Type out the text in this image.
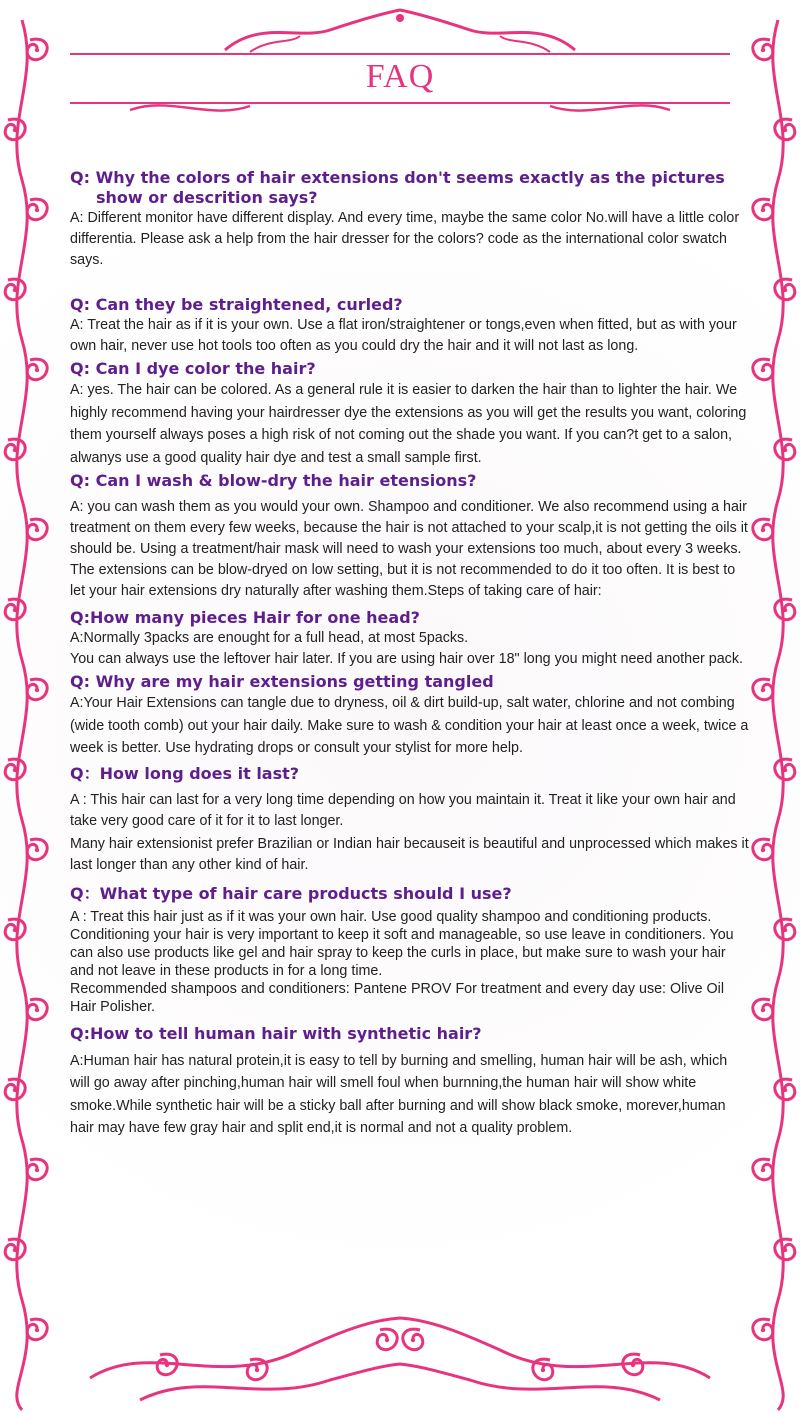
FAQ

Q: Why the colors of hair extensions don't seems exactly as the pictures show or descrition says?

A: Different monitor have different display. And every time, maybe the same color No.will have a little color differentia. Please ask a help from the hair dresser for the colors? code as the international color swatch says.

Q: Can they be straightened, curled?

A: Treat the hair as if it is your own. Use a flat iron/straightener or tongs,even when fitted, but as with your own hair, never use hot tools too often as you could dry the hair and it will not last as long.

Q: Can I dye color the hair?

A: yes. The hair can be colored. As a general rule it is easier to darken the hair than to lighter the hair. We highly recommend having your hairdresser dye the extensions as you will get the results you want, coloring them yourself always poses a high risk of not coming out the shade you want. If you can?t get to a salon, alwanys use a good quality hair dye and test a small sample first.

Q: Can I wash & blow-dry the hair etensions?

A: you can wash them as you would your own. Shampoo and conditioner. We also recommend using a hair treatment on them every few weeks, because the hair is not attached to your scalp,it is not getting the oils it should be. Using a treatment/hair mask will need to wash your extensions too much, about every 3 weeks. The extensions can be blow-dryed on low setting, but it is not recommended to do it too often. It is best to let your hair extensions dry naturally after washing them.Steps of taking care of hair:

Q:How many pieces Hair for one head?

A:Normally 3packs are enought for a full head, at most 5packs.

You can always use the leftover hair later. If you are using hair over 18" long you might need another pack.

Q: Why are my hair extensions getting tangled

A:Your Hair Extensions can tangle due to dryness, oil & dirt build-up, salt water, chlorine and not combing (wide tooth comb) out your hair daily. Make sure to wash & condition your hair at least once a week, twice a week is better. Use hydrating drops or consult your stylist for more help.

Q：How long does it last?

A : This hair can last for a very long time depending on how you maintain it. Treat it like your own hair and take very good care of it for it to last longer.

Many hair extensionist prefer Brazilian or Indian hair becauseit is beautiful and unprocessed which makes it last longer than any other kind of hair.

Q：What type of hair care products should I use?

A : Treat this hair just as if it was your own hair. Use good quality shampoo and conditioning products. Conditioning your hair is very important to keep it soft and manageable, so use leave in conditioners. You can also use products like gel and hair spray to keep the curls in place, but make sure to wash your hair and not leave in these products in for a long time.

Recommended shampoos and conditioners: Pantene PROV For treatment and every day use: Olive Oil Hair Polisher.

Q:How to tell human hair with synthetic hair?

A:Human hair has natural protein,it is easy to tell by burning and smelling, human hair will be ash, which will go away after pinching,human hair will smell foul when burnning,the human hair will show white smoke.While synthetic hair will be a sticky ball after burning and will show black smoke, morever,human hair may have few gray hair and split end,it is normal and not a quality problem.
